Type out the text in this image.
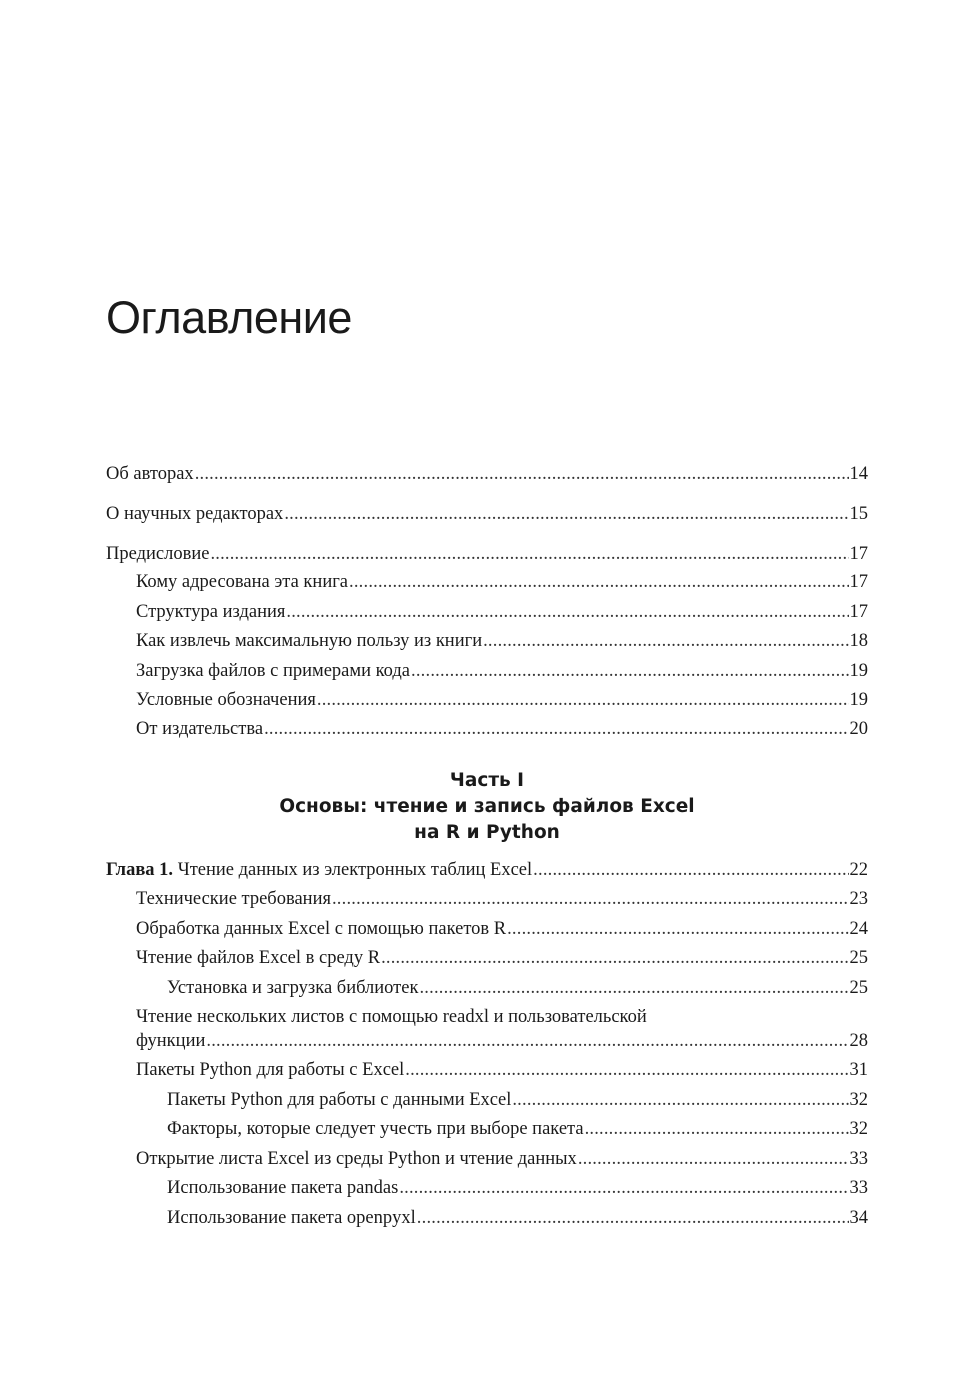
Оглавление
Об авторах .....	14
О научных редакторах .....	15
Предисловие .....	17
Кому адресована эта книга .....	17
Структура издания .....	17
Как извлечь максимальную пользу из книги .....	18
Загрузка файлов с примерами кода .....	19
Условные обозначения .....	19
От издательства .....	20
Часть I
Основы: чтение и запись файлов Excel
на R и Python
Глава 1. Чтение данных из электронных таблиц Excel .....	22
Технические требования .....	23
Обработка данных Excel с помощью пакетов R .....	24
Чтение файлов Excel в среду R .....	25
Установка и загрузка библиотек .....	25
Чтение нескольких листов с помощью readxl и пользовательской
функции .....	28
Пакеты Python для работы с Excel .....	31
Пакеты Python для работы с данными Excel .....	32
Факторы, которые следует учесть при выборе пакета .....	32
Открытие листа Excel из среды Python и чтение данных .....	33
Использование пакета pandas .....	33
Использование пакета openpyxl .....	34
